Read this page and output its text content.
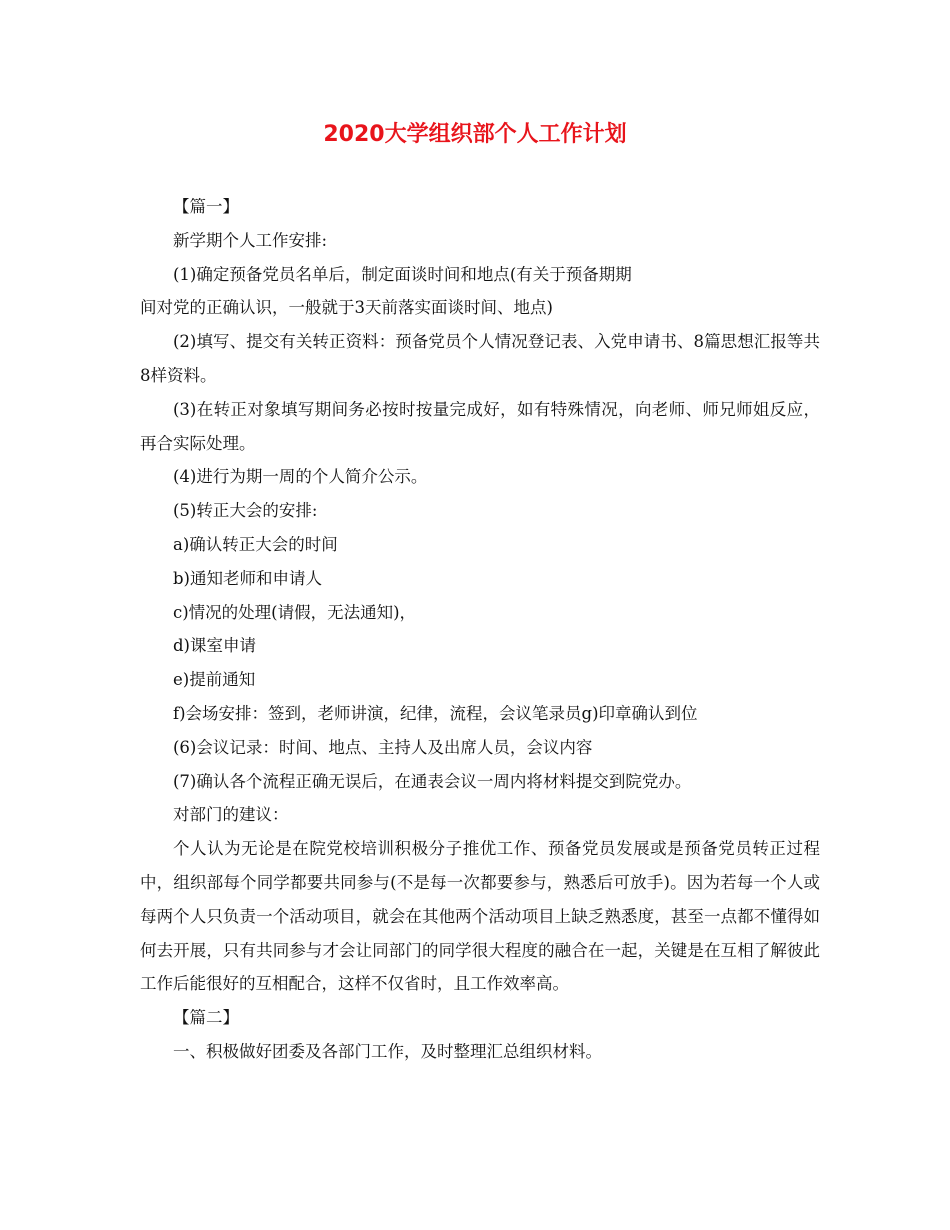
2020大学组织部个人工作计划

【篇一】

新学期个人工作安排:

(1)确定预备党员名单后，制定面谈时间和地点(有关于预备期期

间对党的正确认识，一般就于3天前落实面谈时间、地点)

(2)填写、提交有关转正资料：预备党员个人情况登记表、入党申请书、8篇思想汇报等共8样资料。

(3)在转正对象填写期间务必按时按量完成好，如有特殊情况，向老师、师兄师姐反应，再合实际处理。

(4)进行为期一周的个人简介公示。

(5)转正大会的安排:

a)确认转正大会的时间

b)通知老师和申请人

c)情况的处理(请假，无法通知)，

d)课室申请

e)提前通知

f)会场安排：签到，老师讲演，纪律，流程，会议笔录员g)印章确认到位

(6)会议记录：时间、地点、主持人及出席人员，会议内容

(7)确认各个流程正确无误后，在通表会议一周内将材料提交到院党办。

对部门的建议：

个人认为无论是在院党校培训积极分子推优工作、预备党员发展或是预备党员转正过程中，组织部每个同学都要共同参与(不是每一次都要参与，熟悉后可放手)。因为若每一个人或每两个人只负责一个活动项目，就会在其他两个活动项目上缺乏熟悉度，甚至一点都不懂得如何去开展，只有共同参与才会让同部门的同学很大程度的融合在一起，关键是在互相了解彼此工作后能很好的互相配合，这样不仅省时，且工作效率高。

【篇二】

一、积极做好团委及各部门工作，及时整理汇总组织材料。
